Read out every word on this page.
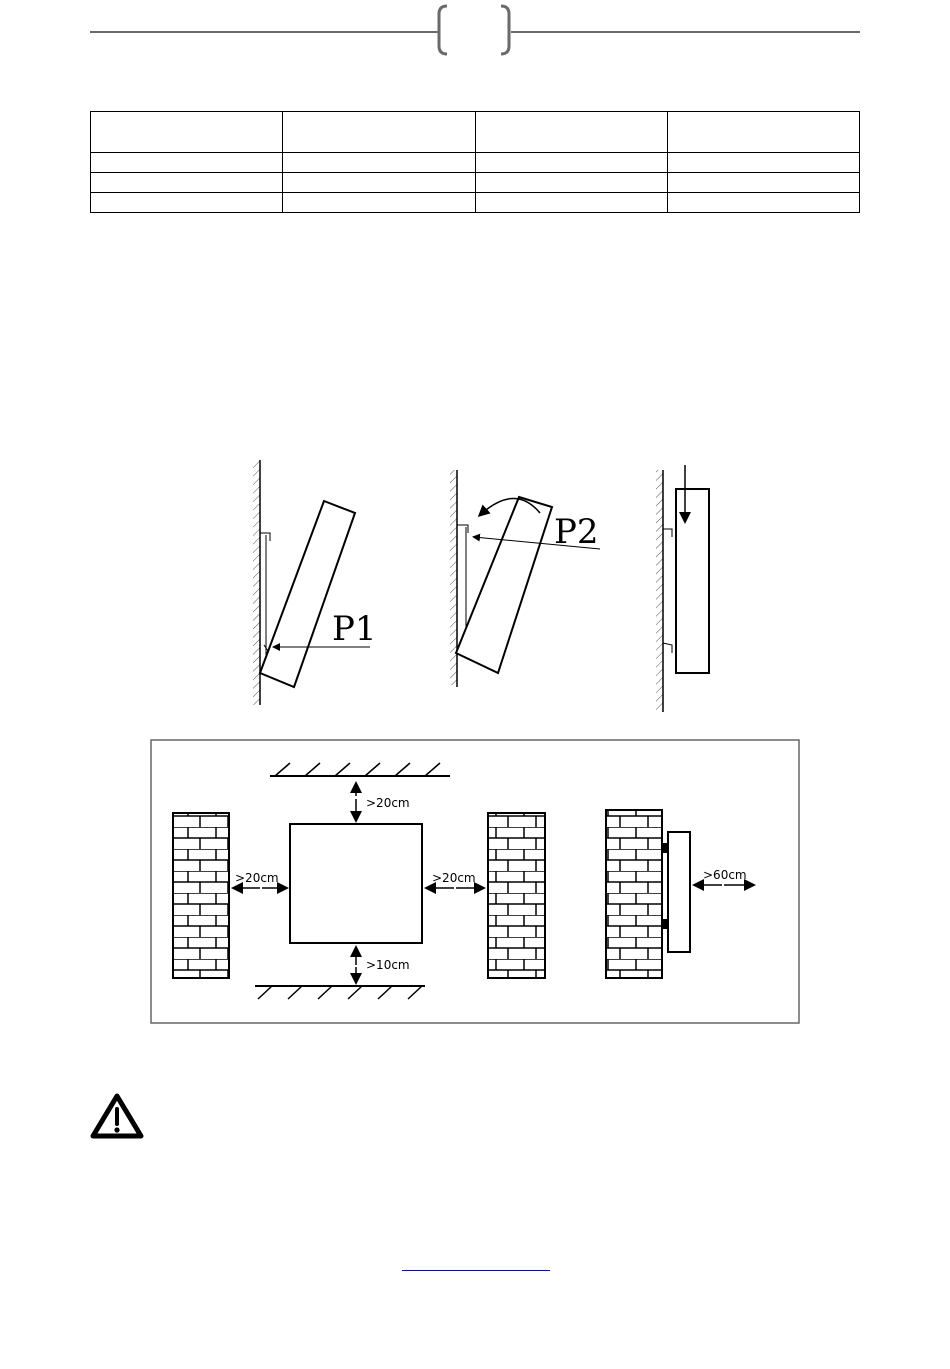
P1
P2
>20cm
>20cm	>20cm
>10cm
>60cm
